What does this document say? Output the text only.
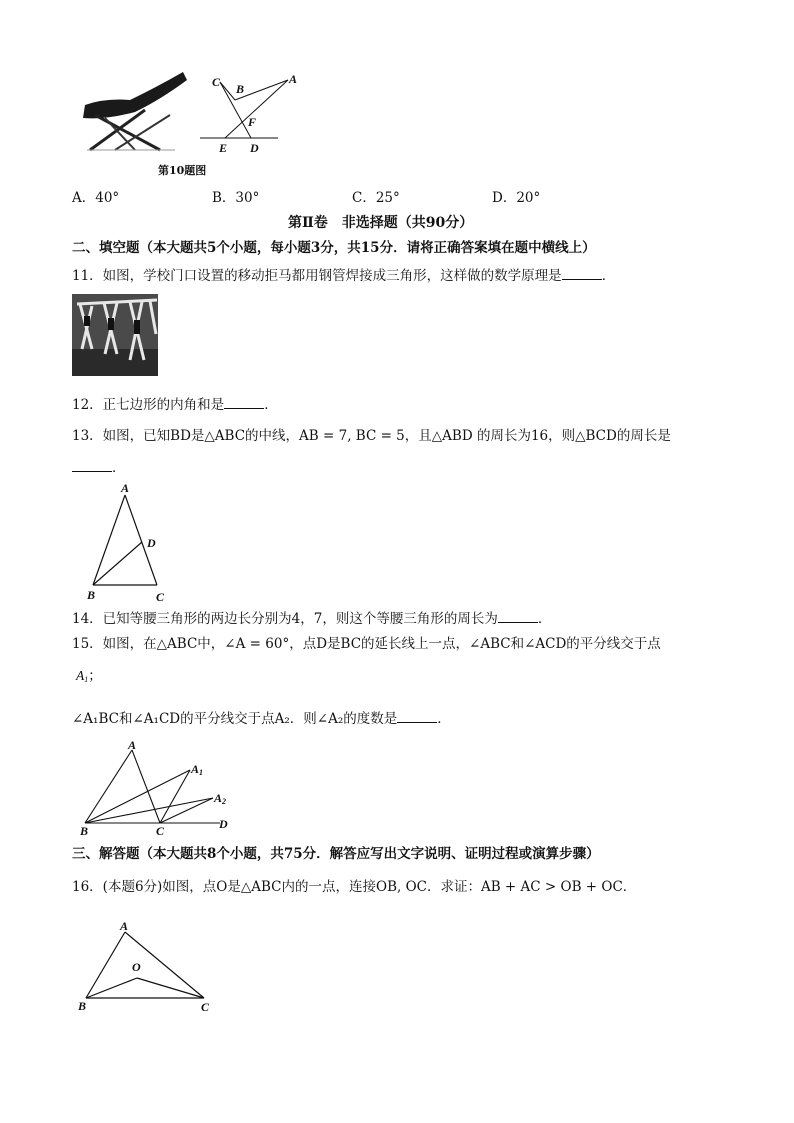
第10题图
C B
A
F
E D
A．40°	B．30°	C．25°	D．20°
第Ⅱ卷　非选择题（共90分）
二、填空题（本大题共5个小题，每小题3分，共15分．请将正确答案填在题中横线上）
11．如图，学校门口设置的移动拒马都用钢管焊接成三角形，这样做的数学原理是	．
12．正七边形的内角和是	．
13．如图，已知BD是△ABC的中线，AB = 7, BC = 5，且△ABD 的周长为16，则△BCD的周长是
．
A
D
B	C
14．已知等腰三角形的两边长分别为4，7，则这个等腰三角形的周长为	．
15．如图，在△ABC中，∠A = 60°，点D是BC的延长线上一点，∠ABC和∠ACD的平分线交于点
$A_1$；
∠A₁BC和∠A₁CD的平分线交于点A₂．则∠A₂的度数是	．
A
$A_1$
$A_2$
B	C	D
三、解答题（本大题共8个小题，共75分．解答应写出文字说明、证明过程或演算步骤）
16．(本题6分)如图，点O是△ABC内的一点，连接OB, OC．求证：AB + AC > OB + OC．
A
O
B	C
